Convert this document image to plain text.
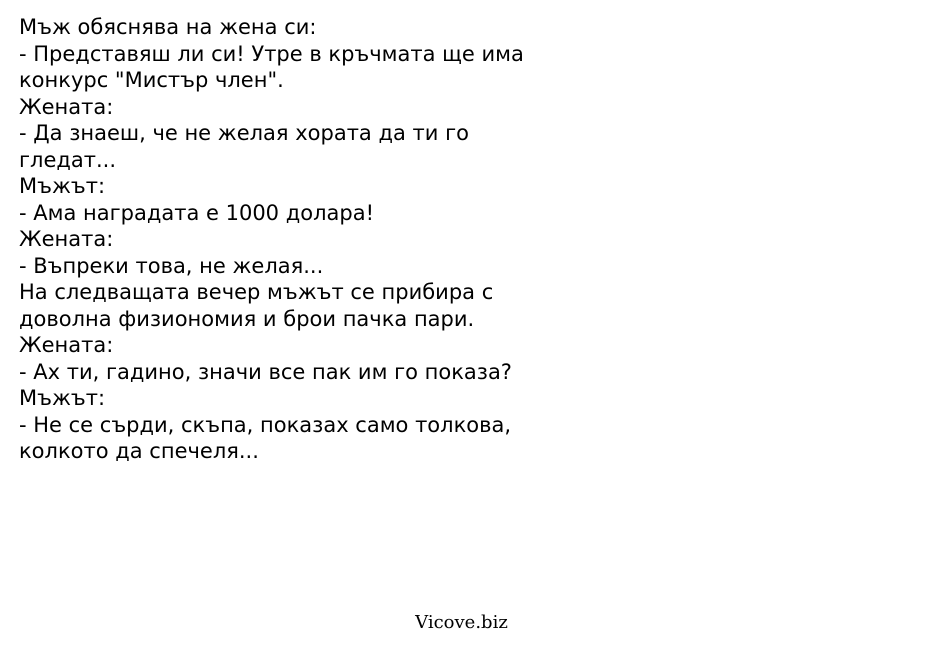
Мъж обяснява на жена си:
- Представяш ли си! Утре в кръчмата ще има
конкурс "Мистър член".
Жената:
- Да знаеш, че не желая хората да ти го
гледат...
Мъжът:
- Ама наградата е 1000 долара!
Жената:
- Въпреки това, не желая...
На следващата вечер мъжът се прибира с
доволна физиономия и брои пачка пари.
Жената:
- Ах ти, гадино, значи все пак им го показа?
Мъжът:
- Не се сърди, скъпа, показах само толкова,
колкото да спечеля...
Vicove.biz
